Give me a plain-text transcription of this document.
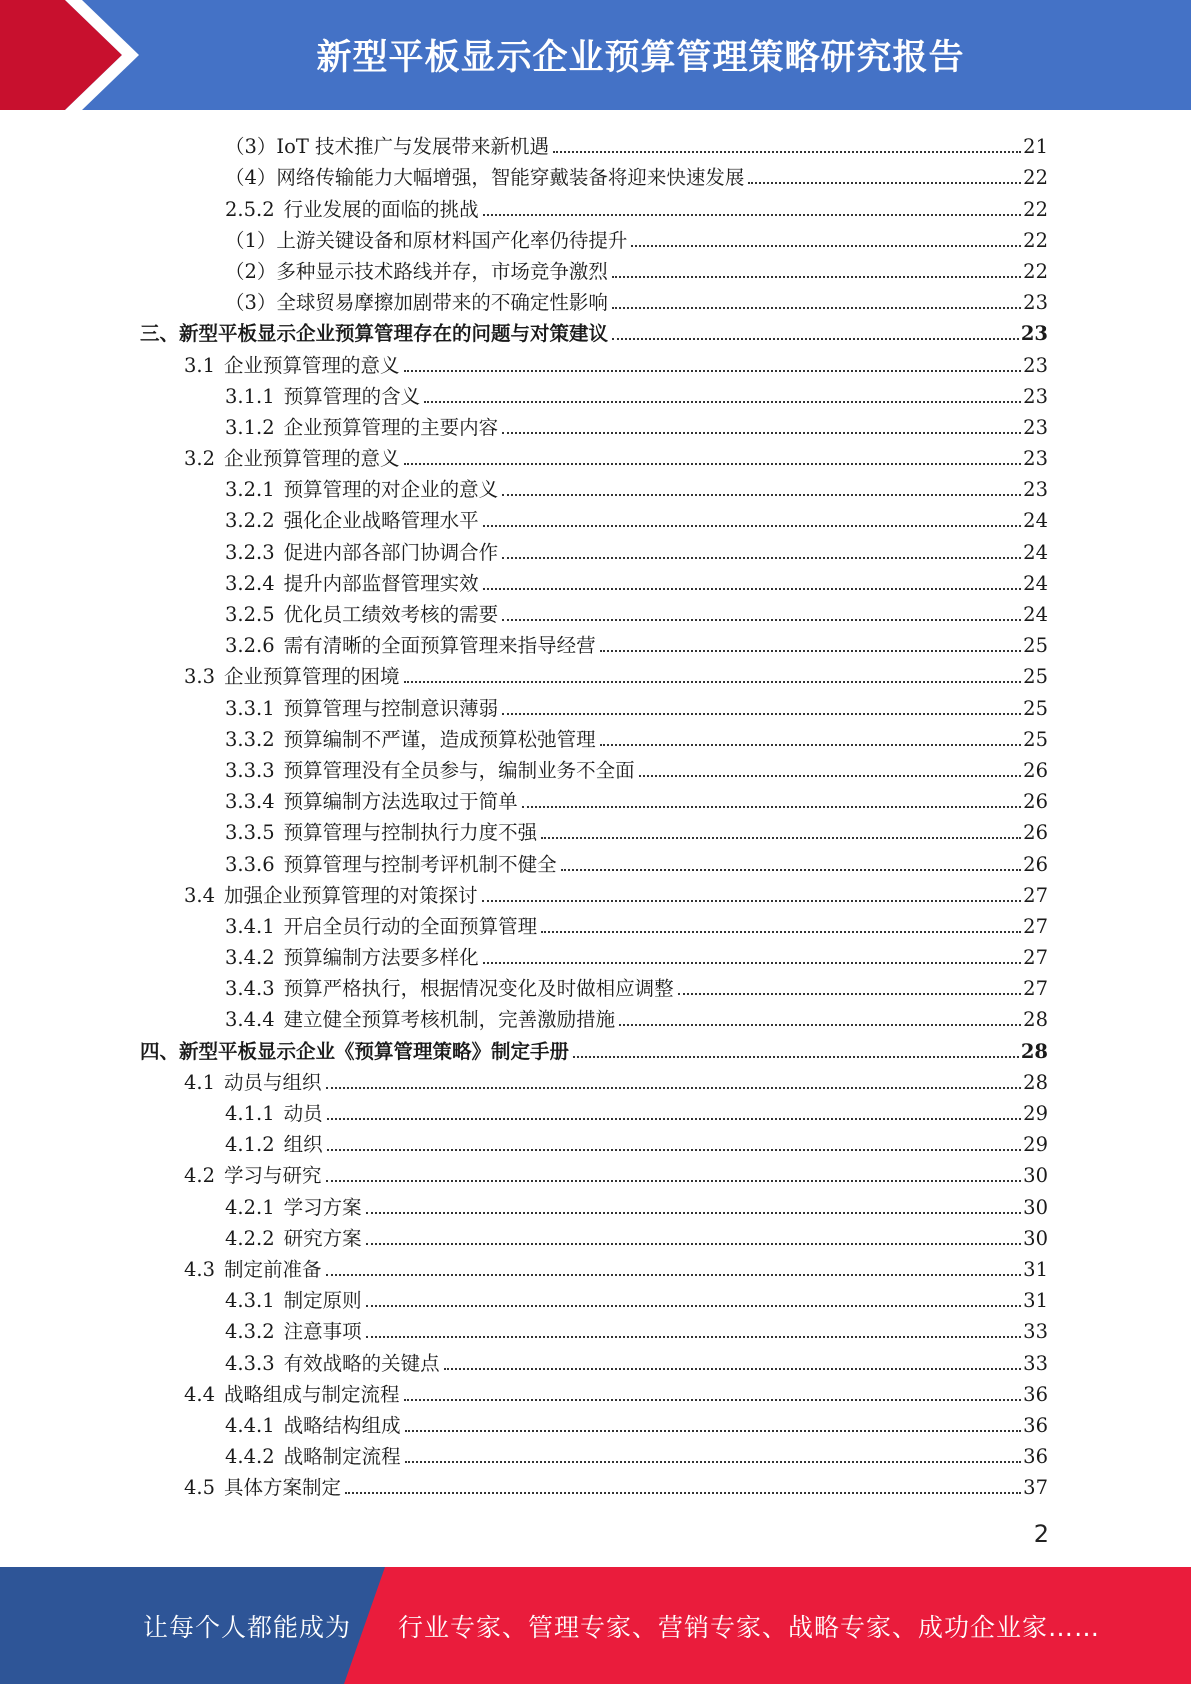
新型平板显示企业预算管理策略研究报告
（3）IoT 技术推广与发展带来新机遇	21
（4）网络传输能力大幅增强，智能穿戴装备将迎来快速发展	22
2.5.2 行业发展的面临的挑战	22
（1）上游关键设备和原材料国产化率仍待提升	22
（2）多种显示技术路线并存，市场竞争激烈	22
（3）全球贸易摩擦加剧带来的不确定性影响	23
三、新型平板显示企业预算管理存在的问题与对策建议	23
3.1 企业预算管理的意义	23
3.1.1 预算管理的含义	23
3.1.2 企业预算管理的主要内容	23
3.2 企业预算管理的意义	23
3.2.1 预算管理的对企业的意义	23
3.2.2 强化企业战略管理水平	24
3.2.3 促进内部各部门协调合作	24
3.2.4 提升内部监督管理实效	24
3.2.5 优化员工绩效考核的需要	24
3.2.6 需有清晰的全面预算管理来指导经营	25
3.3 企业预算管理的困境	25
3.3.1 预算管理与控制意识薄弱	25
3.3.2 预算编制不严谨，造成预算松弛管理	25
3.3.3 预算管理没有全员参与，编制业务不全面	26
3.3.4 预算编制方法选取过于简单	26
3.3.5 预算管理与控制执行力度不强	26
3.3.6 预算管理与控制考评机制不健全	26
3.4 加强企业预算管理的对策探讨	27
3.4.1 开启全员行动的全面预算管理	27
3.4.2 预算编制方法要多样化	27
3.4.3 预算严格执行，根据情况变化及时做相应调整	27
3.4.4 建立健全预算考核机制，完善激励措施	28
四、新型平板显示企业《预算管理策略》制定手册	28
4.1 动员与组织	28
4.1.1 动员	29
4.1.2 组织	29
4.2 学习与研究	30
4.2.1 学习方案	30
4.2.2 研究方案	30
4.3 制定前准备	31
4.3.1 制定原则	31
4.3.2 注意事项	33
4.3.3 有效战略的关键点	33
4.4 战略组成与制定流程	36
4.4.1 战略结构组成	36
4.4.2 战略制定流程	36
4.5 具体方案制定	37
2
让每个人都能成为 行业专家、管理专家、营销专家、战略专家、成功企业家……
